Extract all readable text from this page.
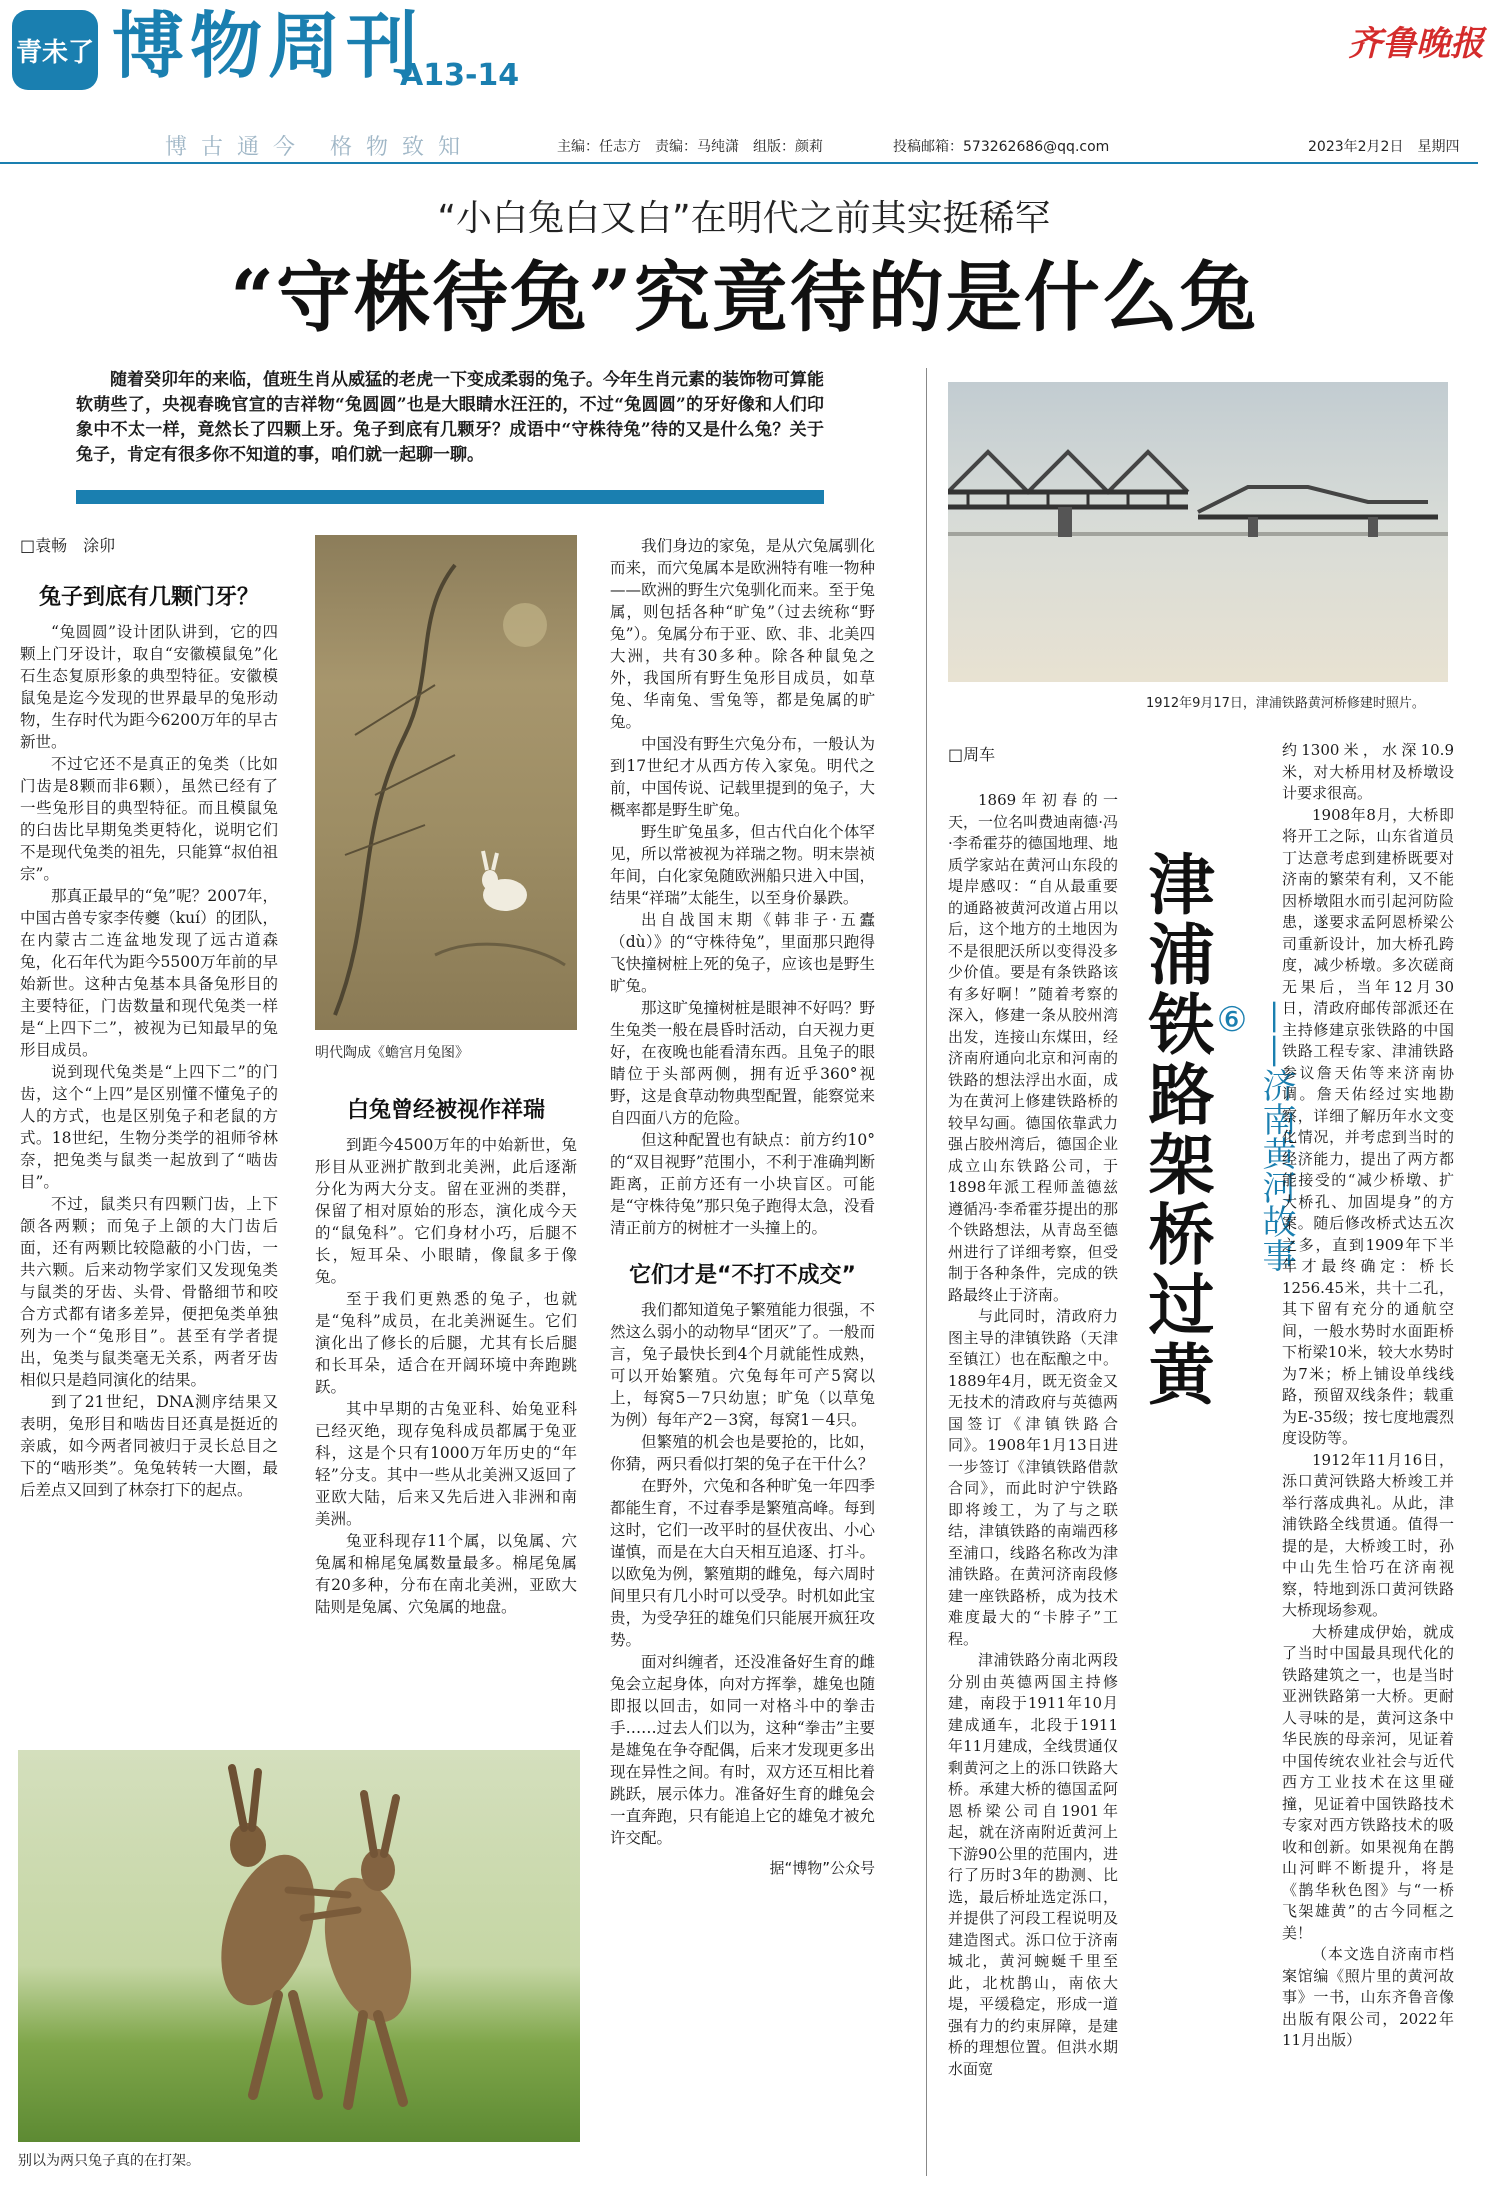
青未了 博物周刊
A13-14
齐鲁晚报
博古通今 格物致知	主编：任志方　责编：马纯潇　组版：颜莉	投稿邮箱：573262686@qq.com	2023年2月2日　星期四
“小白兔白又白”在明代之前其实挺稀罕
“守株待兔”究竟待的是什么兔

随着癸卯年的来临，值班生肖从威猛的老虎一下变成柔弱的兔子。今年生肖元素的装饰物可算能软萌些了，央视春晚官宣的吉祥物“兔圆圆”也是大眼睛水汪汪的，不过“兔圆圆”的牙好像和人们印象中不太一样，竟然长了四颗上牙。兔子到底有几颗牙？成语中“守株待兔”待的又是什么兔？关于兔子，肯定有很多你不知道的事，咱们就一起聊一聊。

□袁畅　涂卯
兔子到底有几颗门牙？

“兔圆圆”设计团队讲到，它的四颗上门牙设计，取自“安徽模鼠兔”化石生态复原形象的典型特征。安徽模鼠兔是迄今发现的世界最早的兔形动物，生存时代为距今6200万年的早古新世。

不过它还不是真正的兔类（比如门齿是8颗而非6颗），虽然已经有了一些兔形目的典型特征。而且模鼠兔的臼齿比早期兔类更特化，说明它们不是现代兔类的祖先，只能算“叔伯祖宗”。

那真正最早的“兔”呢？2007年，中国古兽专家李传夔（kuí）的团队，在内蒙古二连盆地发现了远古道森兔，化石年代为距今5500万年前的早始新世。这种古兔基本具备兔形目的主要特征，门齿数量和现代兔类一样是“上四下二”，被视为已知最早的兔形目成员。

说到现代兔类是“上四下二”的门齿，这个“上四”是区别懂不懂兔子的人的方式，也是区别兔子和老鼠的方式。18世纪，生物分类学的祖师爷林奈，把兔类与鼠类一起放到了“啮齿目”。

不过，鼠类只有四颗门齿，上下颌各两颗；而兔子上颌的大门齿后面，还有两颗比较隐蔽的小门齿，一共六颗。后来动物学家们又发现兔类与鼠类的牙齿、头骨、骨骼细节和咬合方式都有诸多差异，便把兔类单独列为一个“兔形目”。甚至有学者提出，兔类与鼠类毫无关系，两者牙齿相似只是趋同演化的结果。

到了21世纪，DNA测序结果又表明，兔形目和啮齿目还真是挺近的亲戚，如今两者同被归于灵长总目之下的“啮形类”。兔兔转转一大圈，最后差点又回到了林奈打下的起点。

明代陶成《蟾宫月兔图》
白兔曾经被视作祥瑞

到距今4500万年的中始新世，兔形目从亚洲扩散到北美洲，此后逐渐分化为两大分支。留在亚洲的类群，保留了相对原始的形态，演化成今天的“鼠兔科”。它们身材小巧，后腿不长，短耳朵、小眼睛，像鼠多于像兔。

至于我们更熟悉的兔子，也就是“兔科”成员，在北美洲诞生。它们演化出了修长的后腿，尤其有长后腿和长耳朵，适合在开阔环境中奔跑跳跃。

其中早期的古兔亚科、始兔亚科已经灭绝，现存兔科成员都属于兔亚科，这是个只有1000万年历史的“年轻”分支。其中一些从北美洲又返回了亚欧大陆，后来又先后进入非洲和南美洲。

兔亚科现存11个属，以兔属、穴兔属和棉尾兔属数量最多。棉尾兔属有20多种，分布在南北美洲，亚欧大陆则是兔属、穴兔属的地盘。

我们身边的家兔，是从穴兔属驯化而来，而穴兔属本是欧洲特有唯一物种——欧洲的野生穴兔驯化而来。至于兔属，则包括各种“旷兔”（过去统称“野兔”）。兔属分布于亚、欧、非、北美四大洲，共有30多种。除各种鼠兔之外，我国所有野生兔形目成员，如草兔、华南兔、雪兔等，都是兔属的旷兔。

中国没有野生穴兔分布，一般认为到17世纪才从西方传入家兔。明代之前，中国传说、记载里提到的兔子，大概率都是野生旷兔。

野生旷兔虽多，但古代白化个体罕见，所以常被视为祥瑞之物。明末崇祯年间，白化家兔随欧洲船只进入中国，结果“祥瑞”太能生，以至身价暴跌。

出自战国末期《韩非子·五蠹（dù）》的“守株待兔”，里面那只跑得飞快撞树桩上死的兔子，应该也是野生旷兔。

那这旷兔撞树桩是眼神不好吗？野生兔类一般在晨昏时活动，白天视力更好，在夜晚也能看清东西。且兔子的眼睛位于头部两侧，拥有近乎360°视野，这是食草动物典型配置，能察觉来自四面八方的危险。

但这种配置也有缺点：前方约10°的“双目视野”范围小，不利于准确判断距离，正前方还有一小块盲区。可能是“守株待兔”那只兔子跑得太急，没看清正前方的树桩才一头撞上的。

它们才是“不打不成交”

我们都知道兔子繁殖能力很强，不然这么弱小的动物早“团灭”了。一般而言，兔子最快长到4个月就能性成熟，可以开始繁殖。穴兔每年可产5窝以上，每窝5－7只幼崽；旷兔（以草兔为例）每年产2－3窝，每窝1－4只。

但繁殖的机会也是要抢的，比如，你猜，两只看似打架的兔子在干什么？

在野外，穴兔和各种旷兔一年四季都能生育，不过春季是繁殖高峰。每到这时，它们一改平时的昼伏夜出、小心谨慎，而是在大白天相互追逐、打斗。以欧兔为例，繁殖期的雌兔，每六周时间里只有几小时可以受孕。时机如此宝贵，为受孕狂的雄兔们只能展开疯狂攻势。

面对纠缠者，还没准备好生育的雌兔会立起身体，向对方挥拳，雄兔也随即报以回击，如同一对格斗中的拳击手……过去人们以为，这种“拳击”主要是雄兔在争夺配偶，后来才发现更多出现在异性之间。有时，双方还互相比着跳跃，展示体力。准备好生育的雌兔会一直奔跑，只有能追上它的雄兔才被允许交配。

据“博物”公众号
别以为两只兔子真的在打架。
1912年9月17日，津浦铁路黄河桥修建时照片。
□周车
津浦铁路架桥过黄	——济南黄河故事⑥

1869年初春的一天，一位名叫费迪南德·冯·李希霍芬的德国地理、地质学家站在黄河山东段的堤岸感叹：“自从最重要的通路被黄河改道占用以后，这个地方的土地因为不是很肥沃所以变得没多少价值。要是有条铁路该有多好啊！”随着考察的深入，修建一条从胶州湾出发，连接山东煤田，经济南府通向北京和河南的铁路的想法浮出水面，成为在黄河上修建铁路桥的较早勾画。德国依靠武力强占胶州湾后，德国企业成立山东铁路公司，于1898年派工程师盖德兹遵循冯·李希霍芬提出的那个铁路想法，从青岛至德州进行了详细考察，但受制于各种条件，完成的铁路最终止于济南。

与此同时，清政府力图主导的津镇铁路（天津至镇江）也在酝酿之中。1889年4月，既无资金又无技术的清政府与英德两国签订《津镇铁路合同》。1908年1月13日进一步签订《津镇铁路借款合同》，而此时沪宁铁路即将竣工，为了与之联结，津镇铁路的南端西移至浦口，线路名称改为津浦铁路。在黄河济南段修建一座铁路桥，成为技术难度最大的“卡脖子”工程。

津浦铁路分南北两段分别由英德两国主持修建，南段于1911年10月建成通车，北段于1911年11月建成，全线贯通仅剩黄河之上的泺口铁路大桥。承建大桥的德国孟阿恩桥梁公司自1901年起，就在济南附近黄河上下游90公里的范围内，进行了历时3年的勘测、比选，最后桥址选定泺口，并提供了河段工程说明及建造图式。泺口位于济南城北，黄河蜿蜒千里至此，北枕鹊山，南依大堤，平缓稳定，形成一道强有力的约束屏障，是建桥的理想位置。但洪水期水面宽

约1300米，水深10.9米，对大桥用材及桥墩设计要求很高。

1908年8月，大桥即将开工之际，山东省道员丁达意考虑到建桥既要对济南的繁荣有利，又不能因桥墩阻水而引起河防险患，遂要求孟阿恩桥梁公司重新设计，加大桥孔跨度，减少桥墩。多次磋商无果后，当年12月30日，清政府邮传部派还在主持修建京张铁路的中国铁路工程专家、津浦铁路参议詹天佑等来济南协调。詹天佑经过实地勘察，详细了解历年水文变化情况，并考虑到当时的经济能力，提出了两方都能接受的“减少桥墩、扩大桥孔、加固堤身”的方案。随后修改桥式达五次之多，直到1909年下半年才最终确定：桥长1256.45米，共十二孔，其下留有充分的通航空间，一般水势时水面距桥下桁梁10米，较大水势时为7米；桥上铺设单线线路，预留双线条件；载重为E-35级；按七度地震烈度设防等。

1912年11月16日，泺口黄河铁路大桥竣工并举行落成典礼。从此，津浦铁路全线贯通。值得一提的是，大桥竣工时，孙中山先生恰巧在济南视察，特地到泺口黄河铁路大桥现场参观。

大桥建成伊始，就成了当时中国最具现代化的铁路建筑之一，也是当时亚洲铁路第一大桥。更耐人寻味的是，黄河这条中华民族的母亲河，见证着中国传统农业社会与近代西方工业技术在这里碰撞，见证着中国铁路技术专家对西方铁路技术的吸收和创新。如果视角在鹊山河畔不断提升，将是《鹊华秋色图》与“一桥飞架雄黄”的古今同框之美！

（本文选自济南市档案馆编《照片里的黄河故事》一书，山东齐鲁音像出版有限公司，2022年11月出版）
